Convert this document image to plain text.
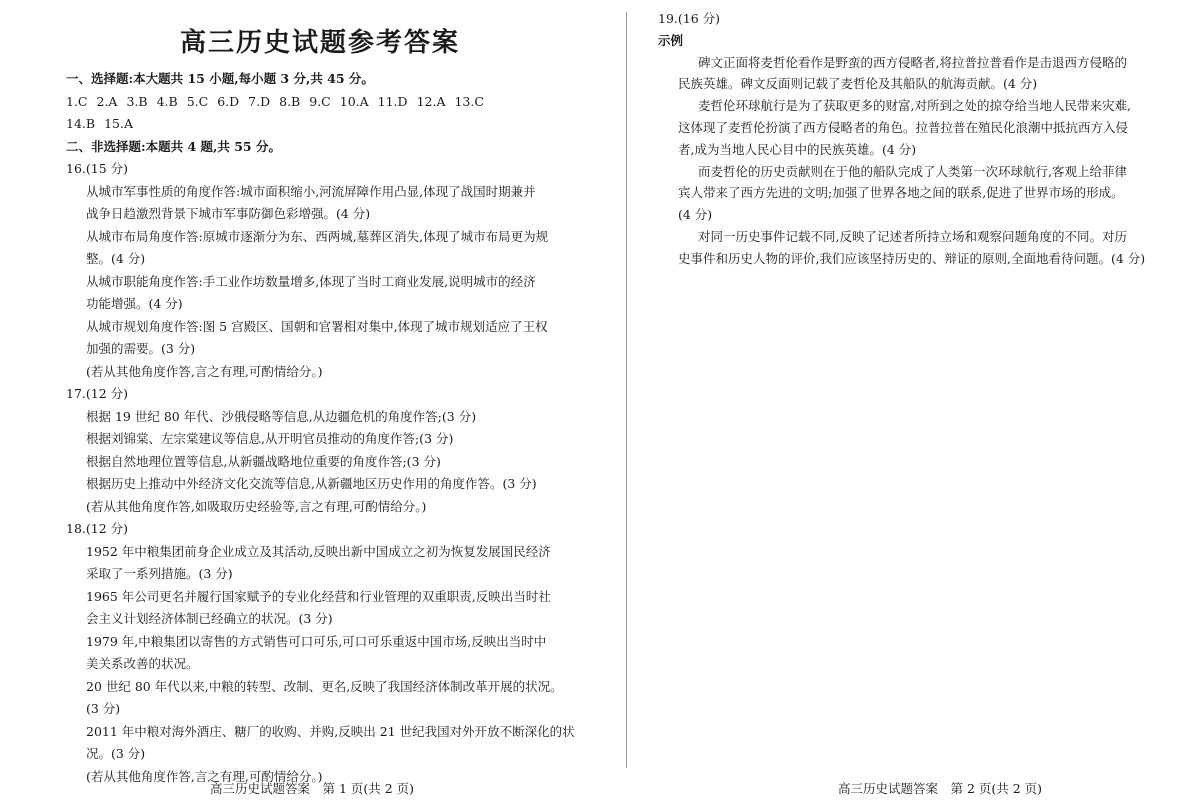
高三历史试题参考答案
一、选择题:本大题共 15 小题,每小题 3 分,共 45 分。
1.C 2.A 3.B 4.B 5.C 6.D 7.D 8.B 9.C 10.A 11.D 12.A 13.C
14.B 15.A
二、非选择题:本题共 4 题,共 55 分。
16.(15 分)
从城市军事性质的角度作答:城市面积缩小,河流屏障作用凸显,体现了战国时期兼并
战争日趋激烈背景下城市军事防御色彩增强。(4 分)
从城市布局角度作答:原城市逐渐分为东、西两城,墓葬区消失,体现了城市布局更为规
整。(4 分)
从城市职能角度作答:手工业作坊数量增多,体现了当时工商业发展,说明城市的经济
功能增强。(4 分)
从城市规划角度作答:图 5 宫殿区、国朝和官署相对集中,体现了城市规划适应了王权
加强的需要。(3 分)
(若从其他角度作答,言之有理,可酌情给分。)
17.(12 分)
根据 19 世纪 80 年代、沙俄侵略等信息,从边疆危机的角度作答;(3 分)
根据刘锦棠、左宗棠建议等信息,从开明官员推动的角度作答;(3 分)
根据自然地理位置等信息,从新疆战略地位重要的角度作答;(3 分)
根据历史上推动中外经济文化交流等信息,从新疆地区历史作用的角度作答。(3 分)
(若从其他角度作答,如吸取历史经验等,言之有理,可酌情给分。)
18.(12 分)
1952 年中粮集团前身企业成立及其活动,反映出新中国成立之初为恢复发展国民经济
采取了一系列措施。(3 分)
1965 年公司更名并履行国家赋予的专业化经营和行业管理的双重职责,反映出当时社
会主义计划经济体制已经确立的状况。(3 分)
1979 年,中粮集团以寄售的方式销售可口可乐,可口可乐重返中国市场,反映出当时中
美关系改善的状况。
20 世纪 80 年代以来,中粮的转型、改制、更名,反映了我国经济体制改革开展的状况。
(3 分)
2011 年中粮对海外酒庄、糖厂的收购、并购,反映出 21 世纪我国对外开放不断深化的状
况。(3 分)
(若从其他角度作答,言之有理,可酌情给分。)
高三历史试题答案　第 1 页(共 2 页)
19.(16 分)
示例
碑文正面将麦哲伦看作是野蛮的西方侵略者,将拉普拉普看作是击退西方侵略的
民族英雄。碑文反面则记载了麦哲伦及其船队的航海贡献。(4 分)
麦哲伦环球航行是为了获取更多的财富,对所到之处的掠夺给当地人民带来灾难,
这体现了麦哲伦扮演了西方侵略者的角色。拉普拉普在殖民化浪潮中抵抗西方入侵
者,成为当地人民心目中的民族英雄。(4 分)
而麦哲伦的历史贡献则在于他的船队完成了人类第一次环球航行,客观上给菲律
宾人带来了西方先进的文明;加强了世界各地之间的联系,促进了世界市场的形成。
(4 分)
对同一历史事件记载不同,反映了记述者所持立场和观察问题角度的不同。对历
史事件和历史人物的评价,我们应该坚持历史的、辩证的原则,全面地看待问题。(4 分)
高三历史试题答案　第 2 页(共 2 页)
